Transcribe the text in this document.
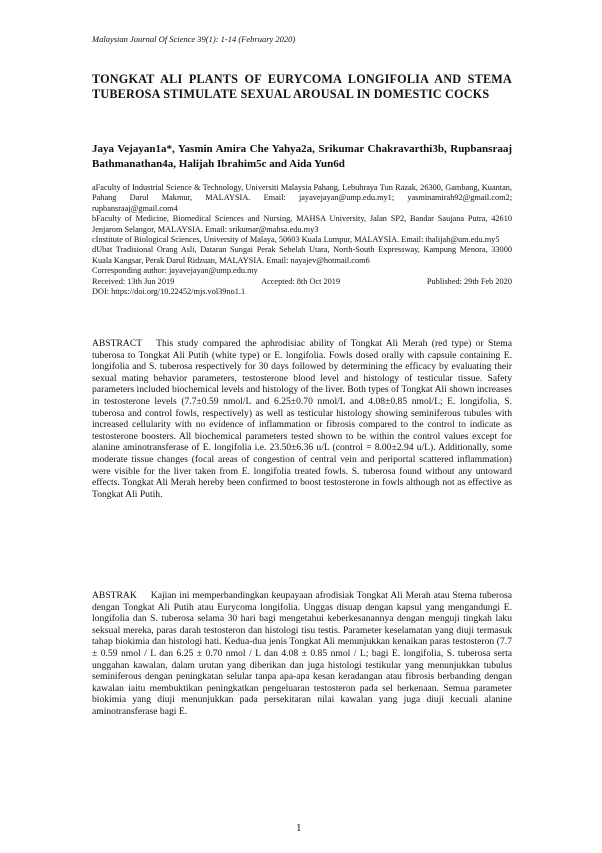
Malaysian Journal Of Science 39(1): 1-14 (February 2020)
TONGKAT ALI PLANTS OF EURYCOMA LONGIFOLIA AND STEMA TUBEROSA STIMULATE SEXUAL AROUSAL IN DOMESTIC COCKS
Jaya Vejayan1a*, Yasmin Amira Che Yahya2a, Srikumar Chakravarthi3b, Rupbansraaj Bathmanathan4a, Halijah Ibrahim5c and Aida Yun6d

aFaculty of Industrial Science & Technology, Universiti Malaysia Pahang, Lebuhraya Tun Razak, 26300, Gambang, Kuantan, Pahang Darul Makmur, MALAYSIA. Email: jayavejayan@ump.edu.my1; yasminamirah92@gmail.com2; rupbansraaj@gmail.com4

bFaculty of Medicine, Biomedical Sciences and Nursing, MAHSA University, Jalan SP2, Bandar Saujana Putra, 42610 Jenjarom Selangor, MALAYSIA. Email: srikumar@mahsa.edu.my3

cInstitute of Biological Sciences, University of Malaya, 50603 Kuala Lumpur, MALAYSIA. Email: ihalijah@um.edu.my5

dUbat Tradisional Orang Asli, Dataran Sungai Perak Sebelah Utara, North-South Expressway, Kampung Menora, 33000 Kuala Kangsar, Perak Darul Ridzuan, MALAYSIA. Email: nayajev@hotmail.com6

Corresponding author: jayavejayan@ump.edu.my

Received: 13th Jun 2019	Accepted: 8th Oct 2019	Published: 29th Feb 2020

DOI: https://doi.org/10.22452/mjs.vol39no1.1

ABSTRACT This study compared the aphrodisiac ability of Tongkat Ali Merah (red type) or Stema tuberosa to Tongkat Ali Putih (white type) or E. longifolia. Fowls dosed orally with capsule containing E. longifolia and S. tuberosa respectively for 30 days followed by determining the efficacy by evaluating their sexual mating behavior parameters, testosterone blood level and histology of testicular tissue. Safety parameters included biochemical levels and histology of the liver. Both types of Tongkat Ali shown increases in testosterone levels (7.7±0.59 nmol/L and 6.25±0.70 nmol/L and 4.08±0.85 nmol/L; E. longifolia, S. tuberosa and control fowls, respectively) as well as testicular histology showing seminiferous tubules with increased cellularity with no evidence of inflammation or fibrosis compared to the control to indicate as testosterone boosters. All biochemical parameters tested shown to be within the control values except for alanine aminotransferase of E. longifolia i.e. 23.50±6.36 u/L (control = 8.00±2.94 u/L). Additionally, some moderate tissue changes (focal areas of congestion of central vein and periportal scattered inflammation) were visible for the liver taken from E. longifolia treated fowls. S. tuberosa found without any untoward effects. Tongkat Ali Merah hereby been confirmed to boost testosterone in fowls although not as effective as Tongkat Ali Putih.

ABSTRAK Kajian ini memperbandingkan keupayaan afrodisiak Tongkat Ali Merah atau Stema tuberosa dengan Tongkat Ali Putih atau Eurycoma longifolia. Unggas disuap dengan kapsul yang mengandungi E. longifolia dan S. tuberosa selama 30 hari bagi mengetahui keberkesanannya dengan menguji tingkah laku seksual mereka, paras darah testosteron dan histologi tisu testis. Parameter keselamatan yang diuji termasuk tahap biokimia dan histologi hati. Kedua-dua jenis Tongkat Ali menunjukkan kenaikan paras testosteron (7.7 ± 0.59 nmol / L dan 6.25 ± 0.70 nmol / L dan 4.08 ± 0.85 nmol / L; bagi E. longifolia, S. tuberosa serta unggahan kawalan, dalam urutan yang diberikan dan juga histologi testikular yang menunjukkan tubulus seminiferous dengan peningkatan selular tanpa apa-apa kesan keradangan atau fibrosis berbanding dengan kawalan iaitu membuktikan peningkatkan pengeluaran testosteron pada sel berkenaan. Semua parameter biokimia yang diuji menunjukkan pada persekitaran nilai kawalan yang juga diuji kecuali alanine aminotransferase bagi E.

1
